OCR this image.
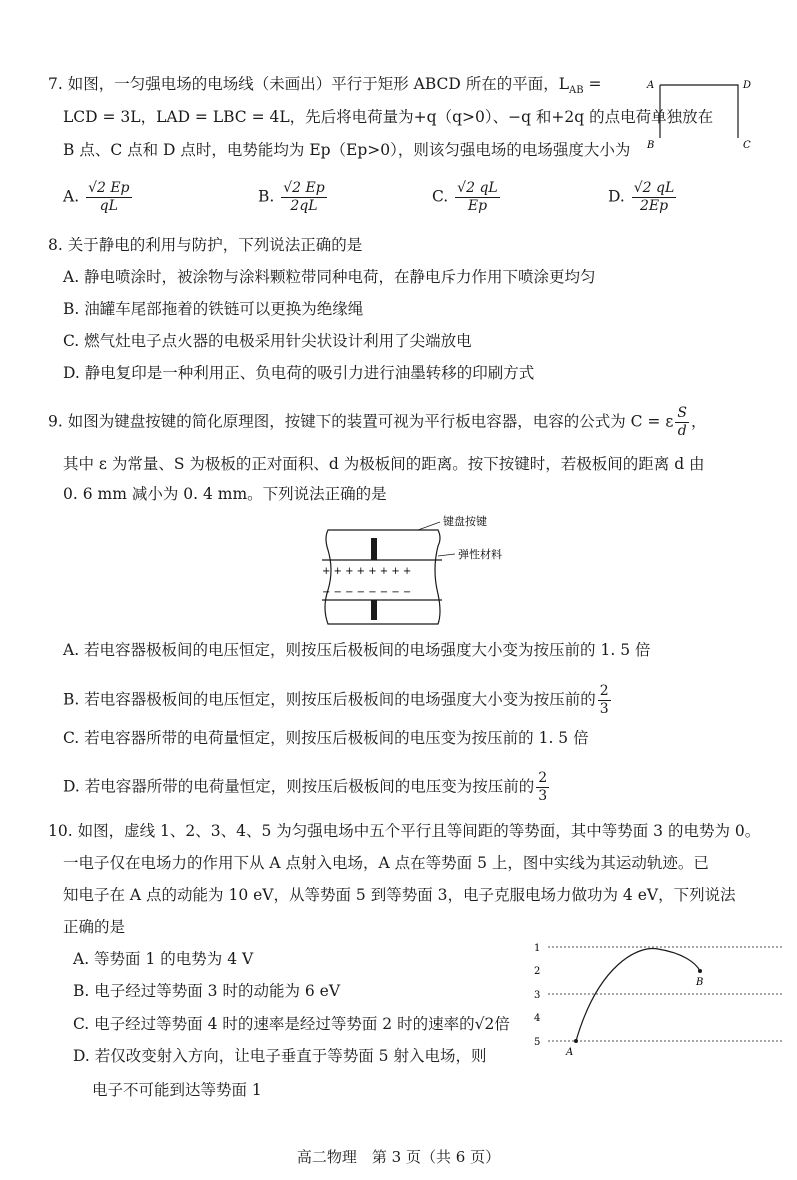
7. 如图，一匀强电场的电场线（未画出）平行于矩形 ABCD 所在的平面，$L_{AB}$ =
LCD = 3L，LAD = LBC = 4L，先后将电荷量为+q（q>0）、−q 和+2q 的点电荷单独放在
B 点、C 点和 D 点时，电势能均为 Ep（Ep>0），则该匀强电场的电场强度大小为
A	D
B	C
A. $\frac{√2 Ep}{qL}$	B. $\frac{√2 Ep}{2qL}$	C. $\frac{√2 qL}{Ep}$	D. $\frac{√2 qL}{2Ep}$
8. 关于静电的利用与防护，下列说法正确的是
A. 静电喷涂时，被涂物与涂料颗粒带同种电荷，在静电斥力作用下喷涂更均匀
B. 油罐车尾部拖着的铁链可以更换为绝缘绳
C. 燃气灶电子点火器的电极采用针尖状设计利用了尖端放电
D. 静电复印是一种利用正、负电荷的吸引力进行油墨转移的印刷方式
9. 如图为键盘按键的简化原理图，按键下的装置可视为平行板电容器，电容的公式为 C = ε $\frac{S}{d}$ ，
其中 ε 为常量、S 为极板的正对面积、d 为极板间的距离。按下按键时，若极板间的距离 d 由
0. 6 mm 减小为 0. 4 mm。下列说法正确的是
+ + + + + + + +
− − − − − − − −
键盘按键
弹性材料
A. 若电容器极板间的电压恒定，则按压后极板间的电场强度大小变为按压前的 1. 5 倍
B. 若电容器极板间的电压恒定，则按压后极板间的电场强度大小变为按压前的 $\frac{2}{3}$
C. 若电容器所带的电荷量恒定，则按压后极板间的电压变为按压前的 1. 5 倍
D. 若电容器所带的电荷量恒定，则按压后极板间的电压变为按压前的 $\frac{2}{3}$
10. 如图，虚线 1、2、3、4、5 为匀强电场中五个平行且等间距的等势面，其中等势面 3 的电势为 0。
一电子仅在电场力的作用下从 A 点射入电场，A 点在等势面 5 上，图中实线为其运动轨迹。已
知电子在 A 点的动能为 10 eV，从等势面 5 到等势面 3，电子克服电场力做功为 4 eV，下列说法
正确的是
A. 等势面 1 的电势为 4 V
B. 电子经过等势面 3 时的动能为 6 eV
C. 电子经过等势面 4 时的速率是经过等势面 2 时的速率的√2倍
D. 若仅改变射入方向，让电子垂直于等势面 5 射入电场，则
电子不可能到达等势面 1
1
2
3
4
5
A
B
高二物理　第 3 页（共 6 页）
